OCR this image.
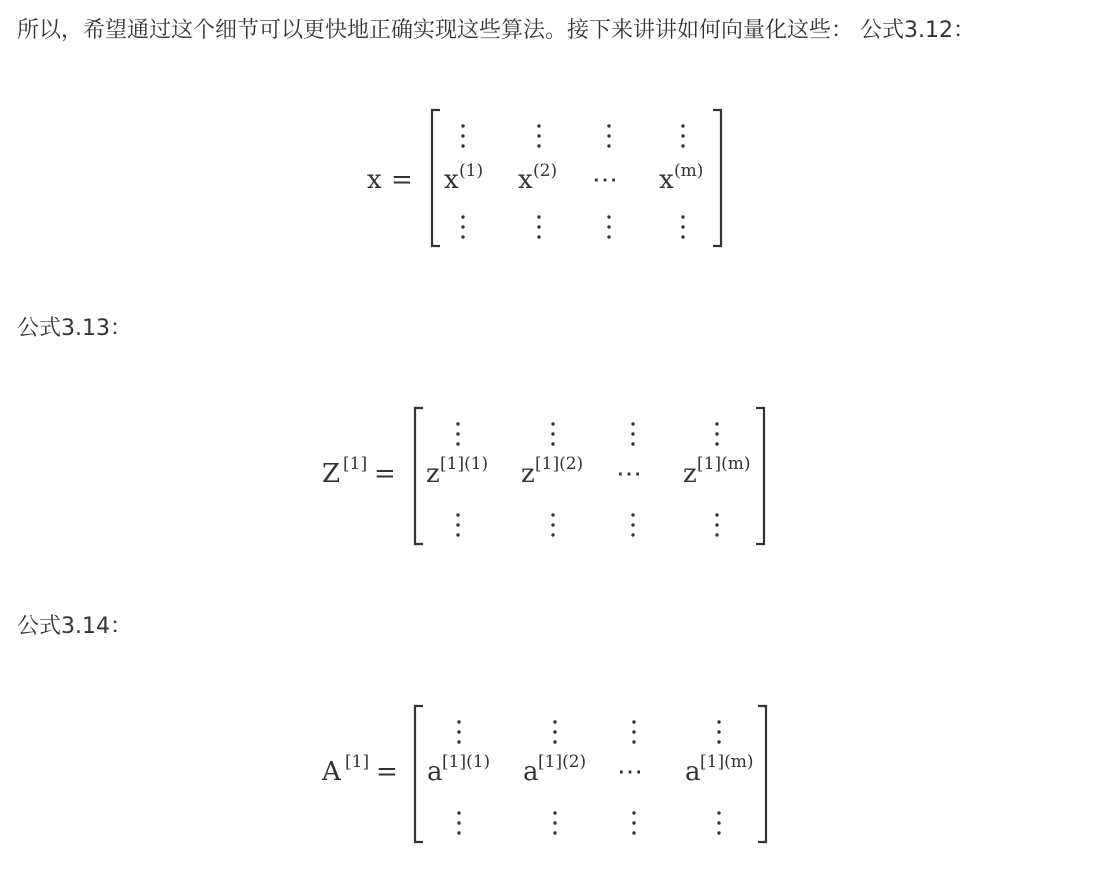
所以，希望通过这个细节可以更快地正确实现这些算法。接下来讲讲如何向量化这些： 公式3.12：

公式3.13：

公式3.14：

x = x (1) x (2) ⋯ x (m)
Z [1] = z [1](1) z [1](2) ⋯ z [1](m)
A [1] = a [1](1) a [1](2) ⋯ a [1](m)
